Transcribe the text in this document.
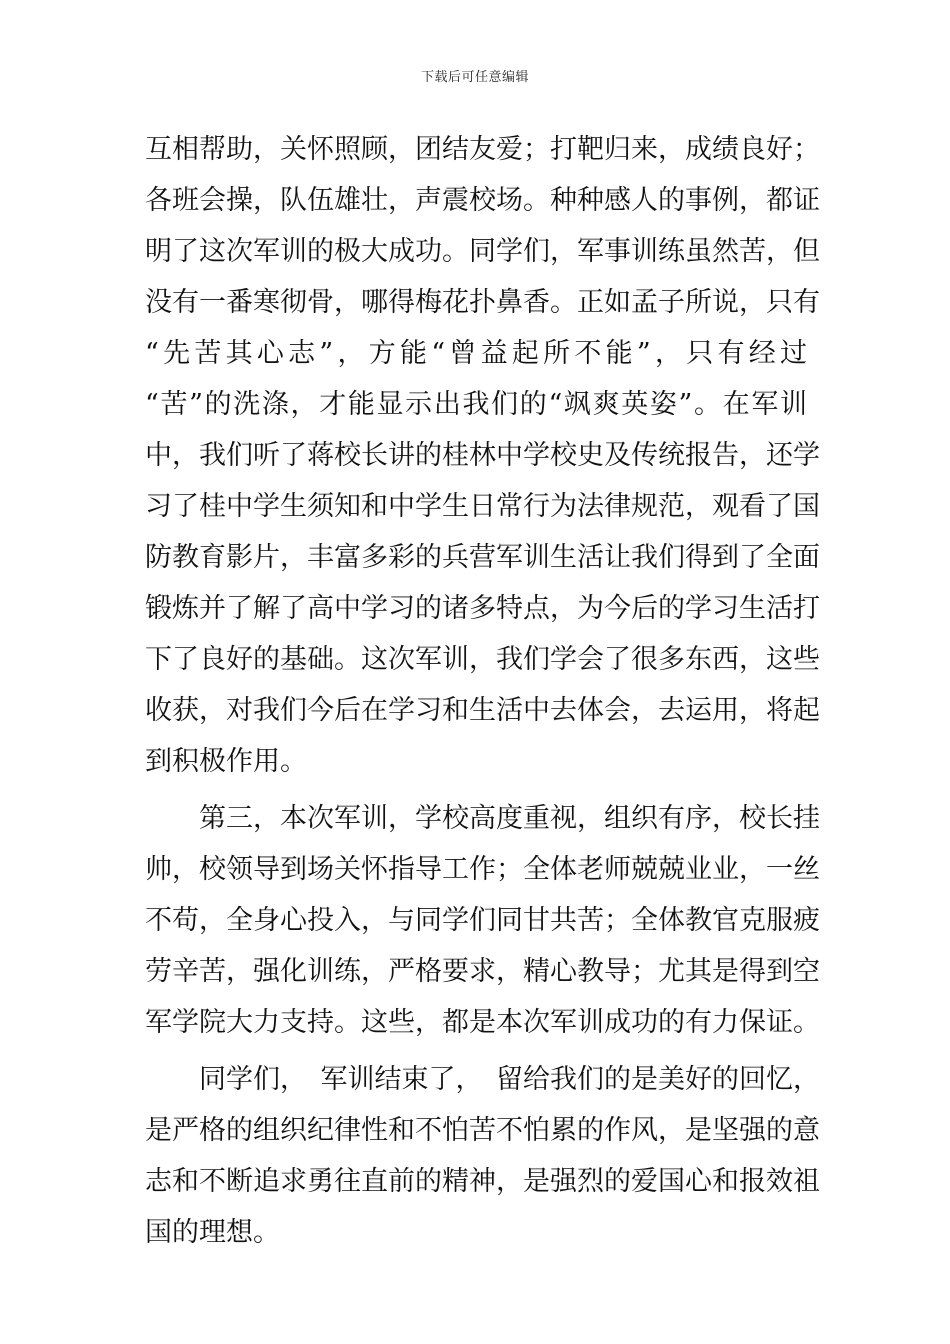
下载后可任意编辑
互相帮助，关怀照顾，团结友爱；打靶归来，成绩良好；
各班会操，队伍雄壮，声震校场。种种感人的事例，都证
明了这次军训的极大成功。同学们，军事训练虽然苦，但
没有一番寒彻骨，哪得梅花扑鼻香。正如孟子所说，只有
“先苦其心志”，方能“曾益起所不能”，只有经过
“苦”的洗涤，才能显示出我们的“飒爽英姿”。在军训
中，我们听了蒋校长讲的桂林中学校史及传统报告，还学
习了桂中学生须知和中学生日常行为法律规范，观看了国
防教育影片，丰富多彩的兵营军训生活让我们得到了全面
锻炼并了解了高中学习的诸多特点，为今后的学习生活打
下了良好的基础。这次军训，我们学会了很多东西，这些
收获，对我们今后在学习和生活中去体会，去运用，将起
到积极作用。
　　第三，本次军训，学校高度重视，组织有序，校长挂
帅，校领导到场关怀指导工作；全体老师兢兢业业，一丝
不苟，全身心投入，与同学们同甘共苦；全体教官克服疲
劳辛苦，强化训练，严格要求，精心教导；尤其是得到空
军学院大力支持。这些，都是本次军训成功的有力保证。
　　同学们，　军训结束了，　留给我们的是美好的回忆，
是严格的组织纪律性和不怕苦不怕累的作风，是坚强的意
志和不断追求勇往直前的精神，是强烈的爱国心和报效祖
国的理想。
